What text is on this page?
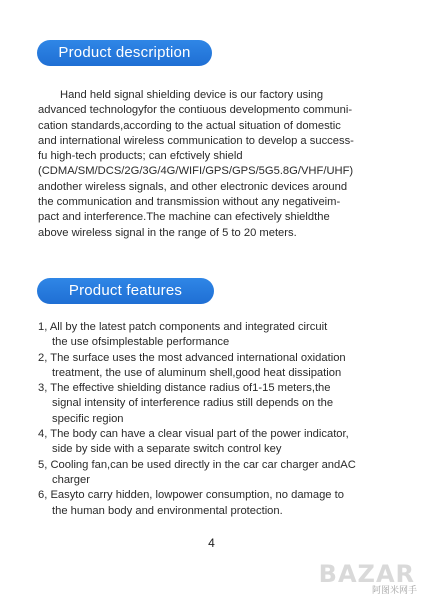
Product description
Hand held signal shielding device is our factory using
advanced technologyfor the contiuous developmento communi-
cation standards,according to the actual situation of domestic
and international wireless communication to develop a success-
fu high-tech products; can efctively shield
(CDMA/SM/DCS/2G/3G/4G/WIFI/GPS/GPS/5G5.8G/VHF/UHF)
andother wireless signals, and other electronic devices around
the communication and transmission without any negativeim-
pact and interference.The machine can efectively shieldthe
above wireless signal in the range of 5 to 20 meters.
Product features
1, All by the latest patch components and integrated circuit
the use ofsimplestable performance
2, The surface uses the most advanced international oxidation
treatment, the use of aluminum shell,good heat dissipation
3, The effective shielding distance radius of1-15 meters,the
signal intensity of interference radius still depends on the
specific region
4, The body can have a clear visual part of the power indicator,
side by side with a separate switch control key
5, Cooling fan,can be used directly in the car car charger andAC
charger
6, Easyto carry hidden, lowpower consumption, no damage to
the human body and environmental protection.
4
BAZAR
阿图米网手
